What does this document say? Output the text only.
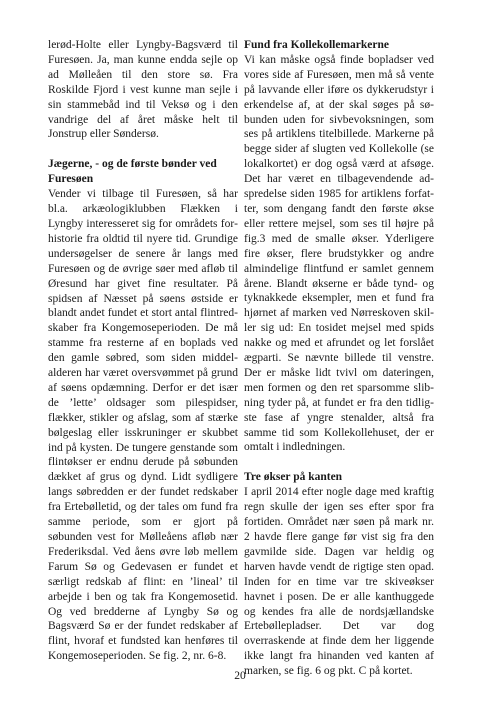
lerød-Holte eller Lyngby-Bagsværd til Furesøen. Ja, man kunne endda sejle op ad Mølleåen til den store sø. Fra Roskilde Fjord i vest kunne man sejle i sin stammebåd ind til Veksø og i den vandrige del af året måske helt til Jonstrup eller Søndersø.

Jægerne, - og de første bønder ved Furesøen

Vender vi tilbage til Furesøen, så har bl.a. arkæologiklubben Flækken i Lyngby interesseret sig for områdets forhistorie fra oldtid til nyere tid. Grundige undersøgelser de senere år langs med Furesøen og de øvrige søer med afløb til Øresund har givet fine resultater. På spidsen af Næsset på søens østside er blandt andet fundet et stort antal flintredskaber fra Kongemoseperioden. De må stamme fra resterne af en boplads ved den gamle søbred, som siden middelalderen har været oversvømmet på grund af søens opdæmning. Derfor er det især de ’lette’ oldsager som pilespidser, flækker, stikler og afslag, som af stærke bølgeslag eller isskruninger er skubbet ind på kysten. De tungere genstande som flintøkser er endnu derude på søbunden dækket af grus og dynd. Lidt sydligere langs søbredden er der fundet redskaber fra Ertebølletid, og der tales om fund fra samme periode, som er gjort på søbunden vest for Mølleåens afløb nær Frederiksdal. Ved åens øvre løb mellem Farum Sø og Gedevasen er fundet et særligt redskab af flint: en ’lineal’ til arbejde i ben og tak fra Kongemosetid. Og ved bredderne af Lyngby Sø og Bagsværd Sø er der fundet redskaber af flint, hvoraf et fundsted kan henføres til Kongemoseperioden. Se fig. 2, nr. 6-8.

Fund fra Kollekollemarkerne

Vi kan måske også finde bopladser ved vores side af Furesøen, men må så vente på lavvande eller iføre os dykkerudstyr i erkendelse af, at der skal søges på søbunden uden for sivbevoksningen, som ses på artiklens titelbillede. Markerne på begge sider af slugten ved Kollekolle (se lokalkortet) er dog også værd at afsøge. Det har været en tilbagevendende adspredelse siden 1985 for artiklens forfatter, som dengang fandt den første økse eller rettere mejsel, som ses til højre på fig.3 med de smalle økser. Yderligere fire økser, flere brudstykker og andre almindelige flintfund er samlet gennem årene. Blandt økserne er både tynd- og tyknakkede eksempler, men et fund fra hjørnet af marken ved Nørreskoven skiller sig ud: En tosidet mejsel med spids nakke og med et afrundet og let forslået ægparti. Se nævnte billede til venstre. Der er måske lidt tvivl om dateringen, men formen og den ret sparsomme slibning tyder på, at fundet er fra den tidligste fase af yngre stenalder, altså fra samme tid som Kollekollehuset, der er omtalt i indledningen.

Tre økser på kanten

I april 2014 efter nogle dage med kraftig regn skulle der igen ses efter spor fra fortiden. Området nær søen på mark nr. 2 havde flere gange før vist sig fra den gavmilde side. Dagen var heldig og harven havde vendt de rigtige sten opad. Inden for en time var tre skiveøkser havnet i posen. De er alle kanthuggede og kendes fra alle de nordsjællandske Ertebøllepladser. Det var dog overraskende at finde dem her liggende ikke langt fra hinanden ved kanten af marken, se fig. 6 og pkt. C på kortet.

20
